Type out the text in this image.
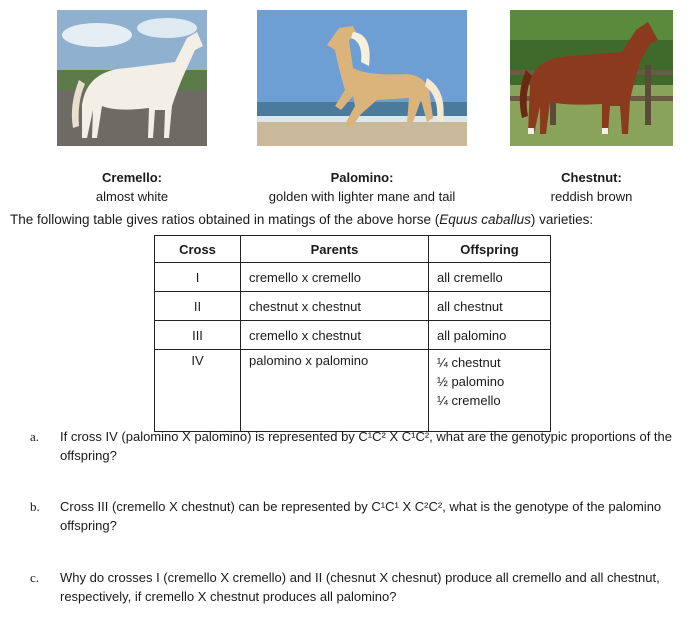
Cremello:
almost white
Palomino:
golden with lighter mane and tail
Chestnut:
reddish brown
The following table gives ratios obtained in matings of the above horse (Equus caballus) varieties:
Cross	Parents	Offspring
I	cremello x cremello	all cremello
II	chestnut x chestnut	all chestnut
III	cremello x chestnut	all palomino
IV	palomino x palomino	¼ chestnut
½ palomino
¼ cremello
a. If cross IV (palomino X palomino) is represented by C¹C² X C¹C², what are the genotypic proportions of the offspring?
b. Cross III (cremello X chestnut) can be represented by C¹C¹ X C²C², what is the genotype of the palomino offspring?
c. Why do crosses I (cremello X cremello) and II (chesnut X chesnut) produce all cremello and all chestnut, respectively, if cremello X chestnut produces all palomino?
